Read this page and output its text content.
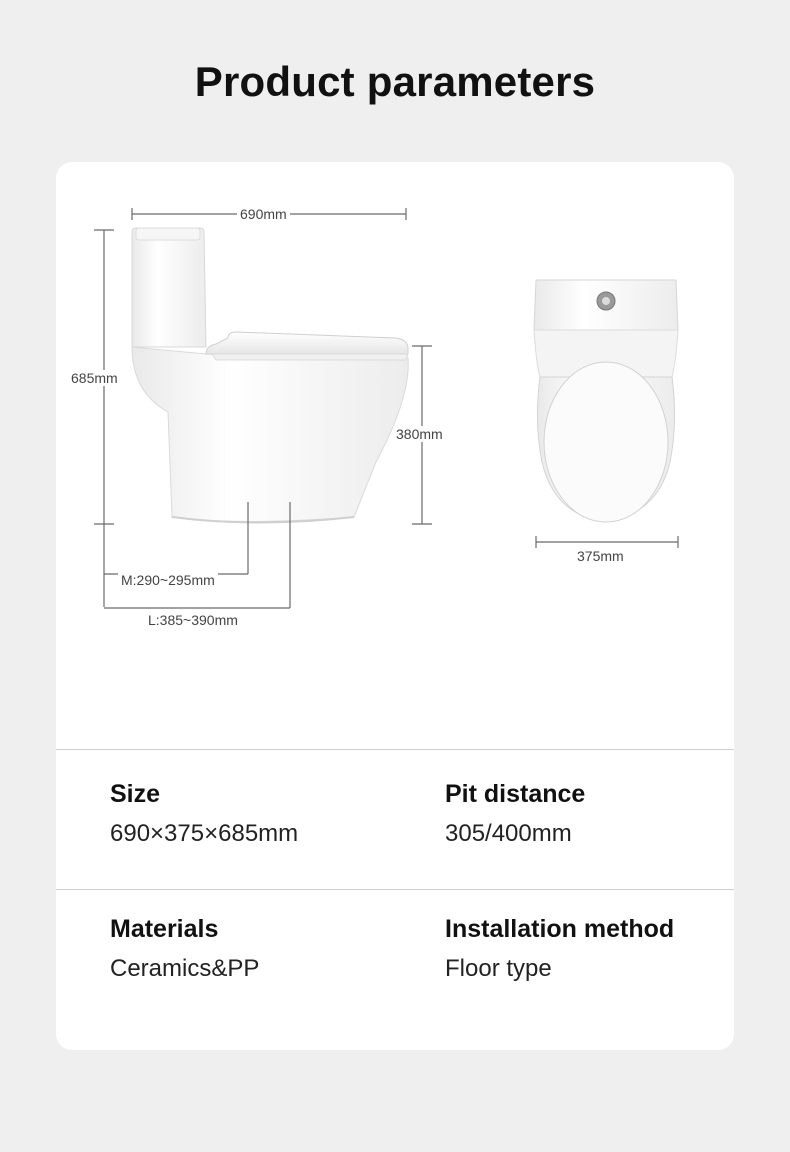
Product parameters
690mm
685mm
380mm
375mm
M:290~295mm
L:385~390mm
Size
690×375×685mm
Pit distance
305/400mm
Materials
Ceramics&PP
Installation method
Floor type
